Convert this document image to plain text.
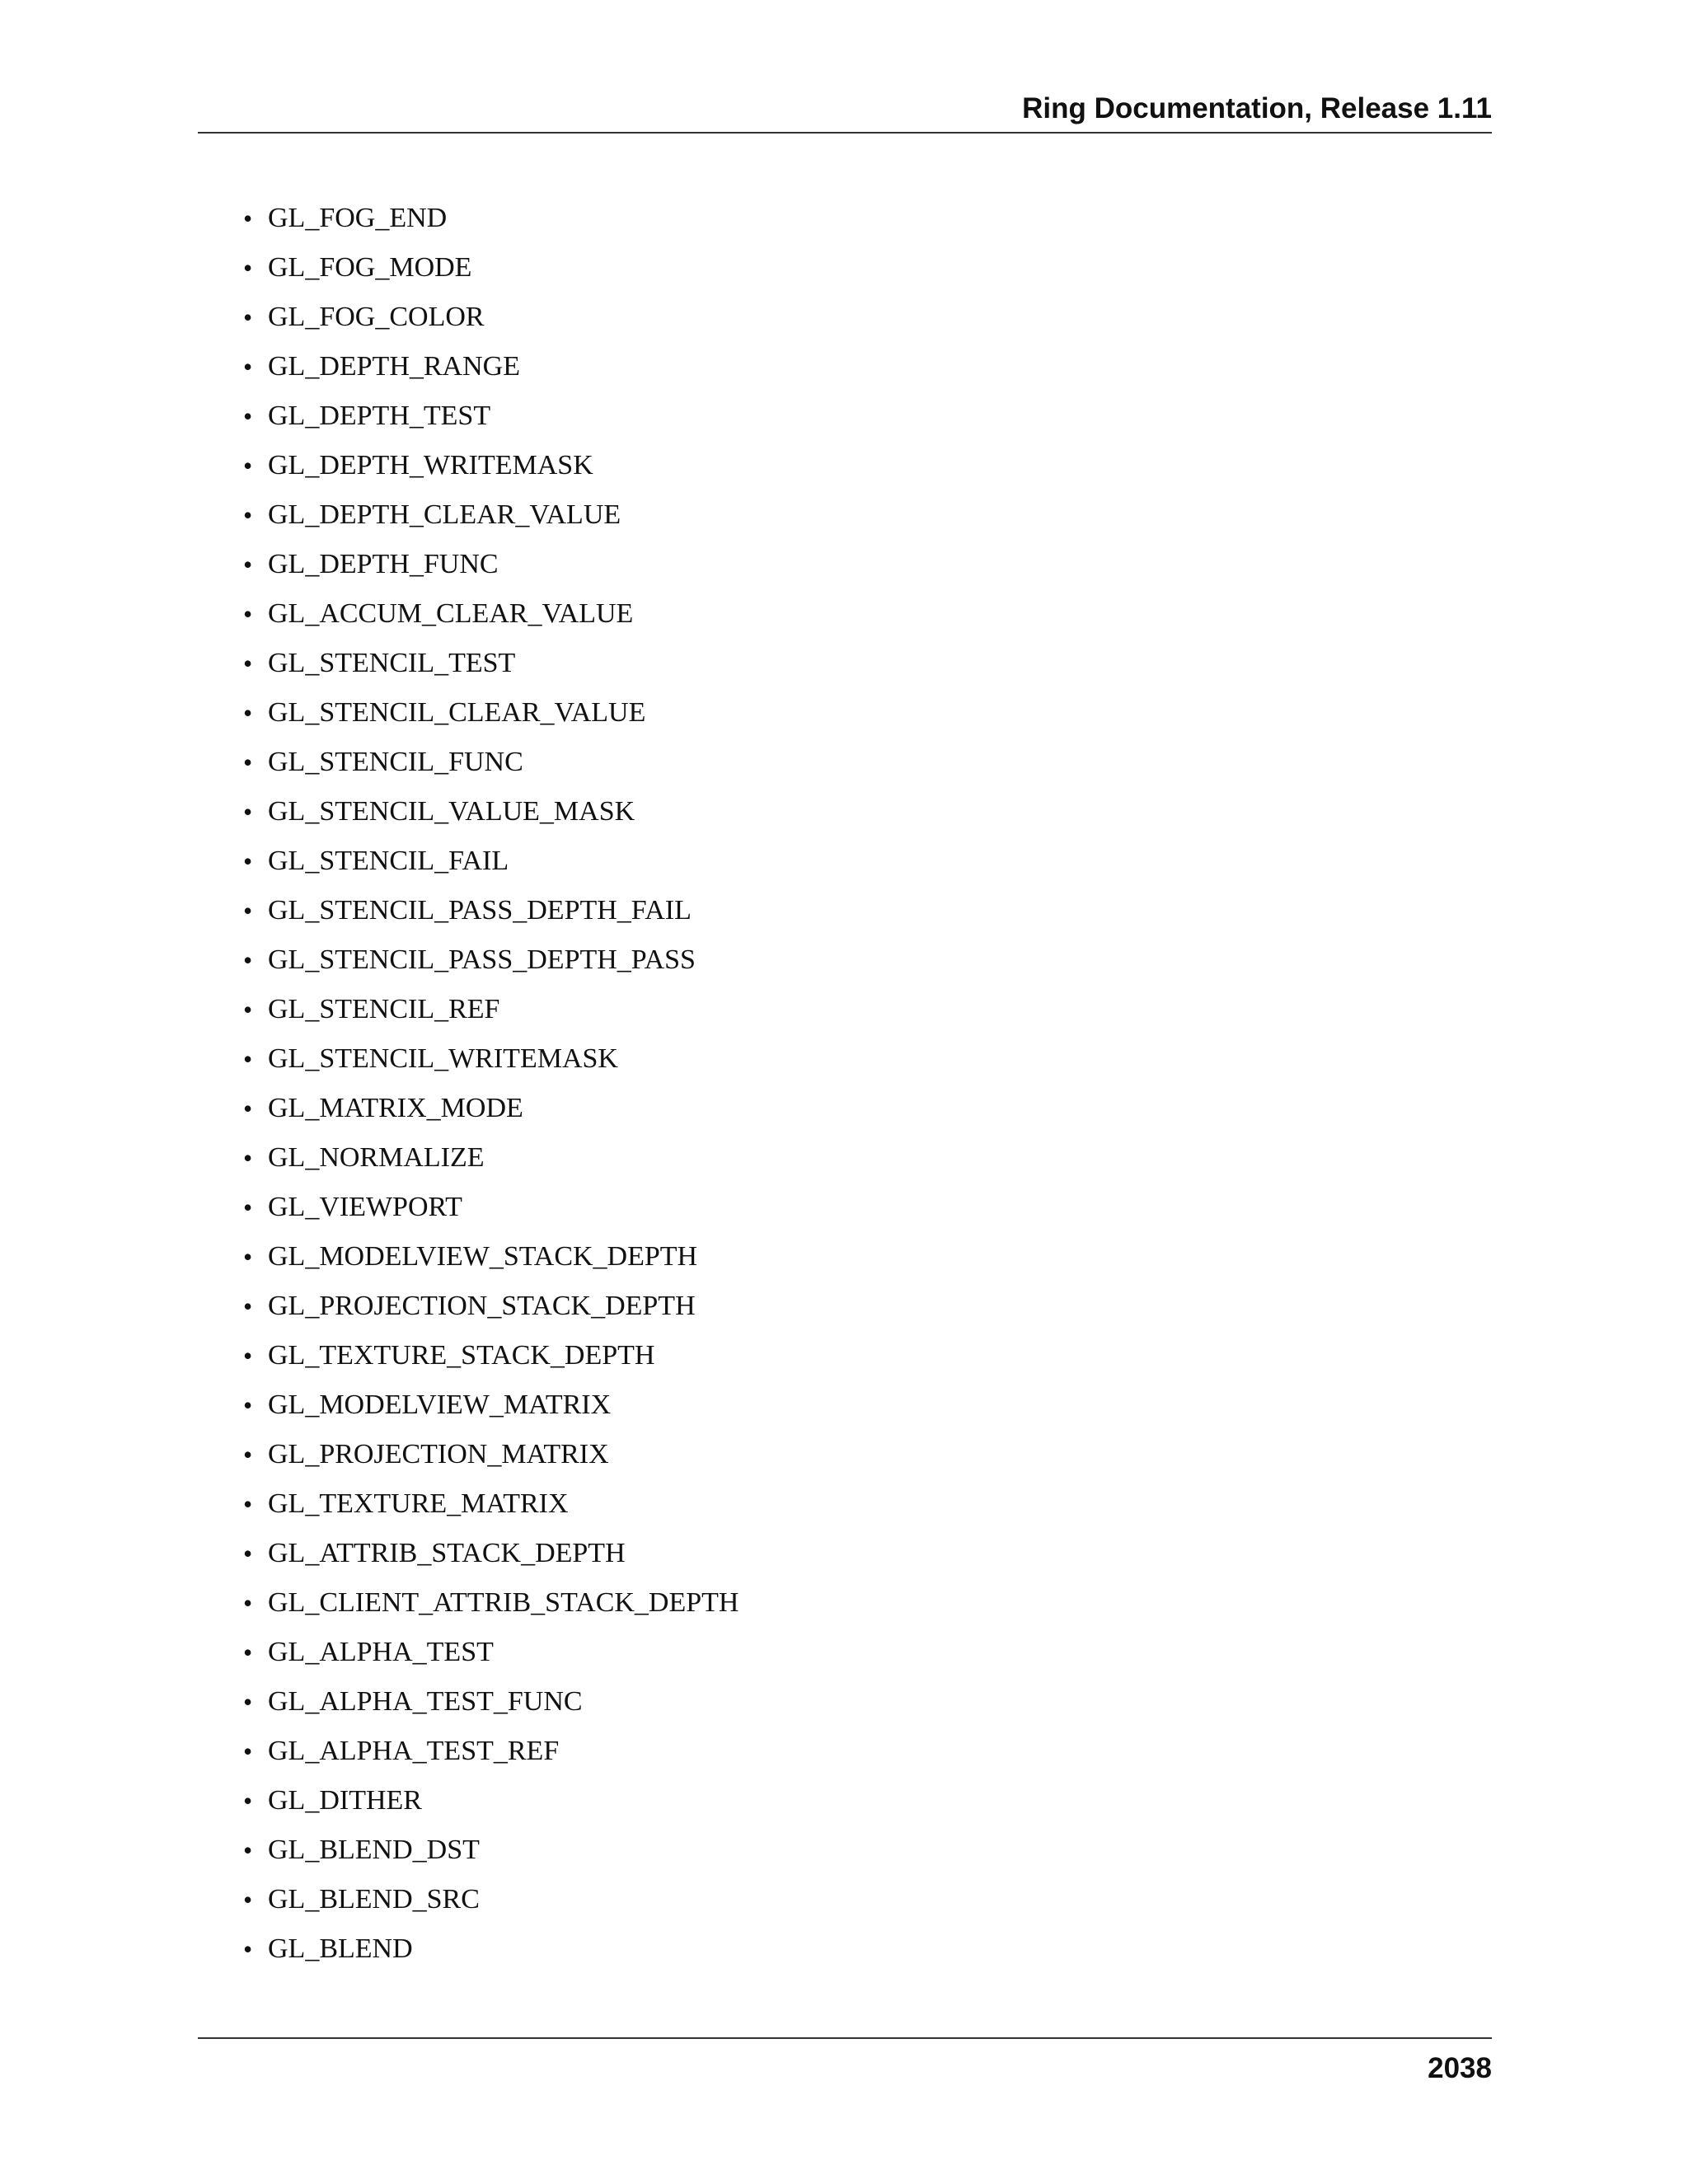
Ring Documentation, Release 1.11
• GL_FOG_END
• GL_FOG_MODE
• GL_FOG_COLOR
• GL_DEPTH_RANGE
• GL_DEPTH_TEST
• GL_DEPTH_WRITEMASK
• GL_DEPTH_CLEAR_VALUE
• GL_DEPTH_FUNC
• GL_ACCUM_CLEAR_VALUE
• GL_STENCIL_TEST
• GL_STENCIL_CLEAR_VALUE
• GL_STENCIL_FUNC
• GL_STENCIL_VALUE_MASK
• GL_STENCIL_FAIL
• GL_STENCIL_PASS_DEPTH_FAIL
• GL_STENCIL_PASS_DEPTH_PASS
• GL_STENCIL_REF
• GL_STENCIL_WRITEMASK
• GL_MATRIX_MODE
• GL_NORMALIZE
• GL_VIEWPORT
• GL_MODELVIEW_STACK_DEPTH
• GL_PROJECTION_STACK_DEPTH
• GL_TEXTURE_STACK_DEPTH
• GL_MODELVIEW_MATRIX
• GL_PROJECTION_MATRIX
• GL_TEXTURE_MATRIX
• GL_ATTRIB_STACK_DEPTH
• GL_CLIENT_ATTRIB_STACK_DEPTH
• GL_ALPHA_TEST
• GL_ALPHA_TEST_FUNC
• GL_ALPHA_TEST_REF
• GL_DITHER
• GL_BLEND_DST
• GL_BLEND_SRC
• GL_BLEND
2038
